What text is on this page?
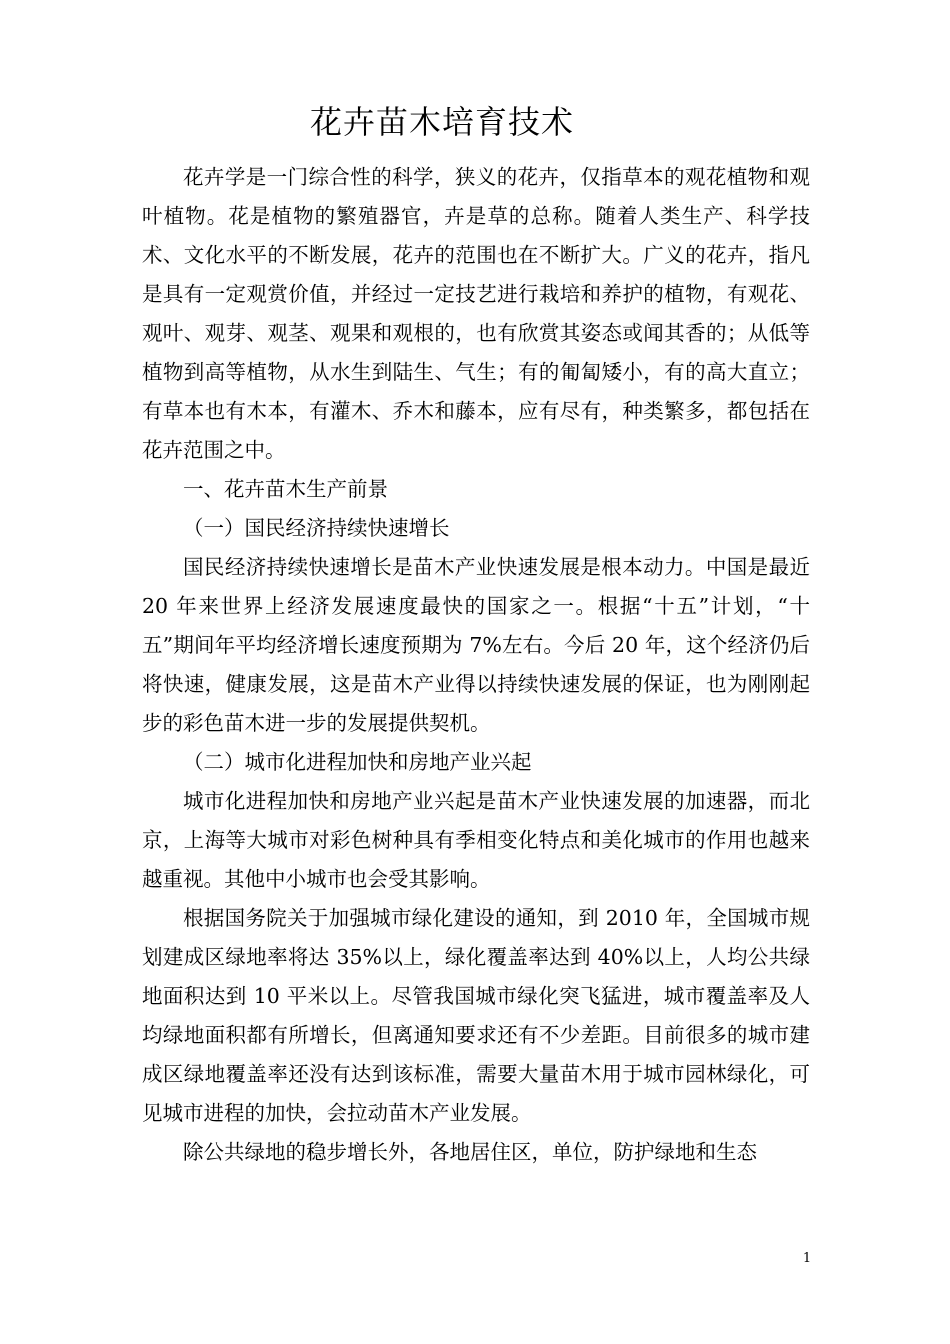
花卉苗木培育技术

花卉学是一门综合性的科学，狭义的花卉，仅指草本的观花植物和观叶植物。花是植物的繁殖器官，卉是草的总称。随着人类生产、科学技术、文化水平的不断发展，花卉的范围也在不断扩大。广义的花卉，指凡是具有一定观赏价值，并经过一定技艺进行栽培和养护的植物，有观花、观叶、观芽、观茎、观果和观根的，也有欣赏其姿态或闻其香的；从低等植物到高等植物，从水生到陆生、气生；有的匍匐矮小，有的高大直立；有草本也有木本，有灌木、乔木和藤本，应有尽有，种类繁多，都包括在花卉范围之中。

一、花卉苗木生产前景

（一）国民经济持续快速增长

国民经济持续快速增长是苗木产业快速发展是根本动力。中国是最近 20 年来世界上经济发展速度最快的国家之一。根据“十五”计划，“十五”期间年平均经济增长速度预期为 7%左右。今后 20 年，这个经济仍后将快速，健康发展，这是苗木产业得以持续快速发展的保证，也为刚刚起步的彩色苗木进一步的发展提供契机。

（二）城市化进程加快和房地产业兴起

城市化进程加快和房地产业兴起是苗木产业快速发展的加速器，而北京，上海等大城市对彩色树种具有季相变化特点和美化城市的作用也越来越重视。其他中小城市也会受其影响。

根据国务院关于加强城市绿化建设的通知，到 2010 年，全国城市规划建成区绿地率将达 35%以上，绿化覆盖率达到 40%以上，人均公共绿地面积达到 10 平米以上。尽管我国城市绿化突飞猛进，城市覆盖率及人均绿地面积都有所增长，但离通知要求还有不少差距。目前很多的城市建成区绿地覆盖率还没有达到该标准，需要大量苗木用于城市园林绿化，可见城市进程的加快，会拉动苗木产业发展。

除公共绿地的稳步增长外，各地居住区，单位，防护绿地和生态

1
